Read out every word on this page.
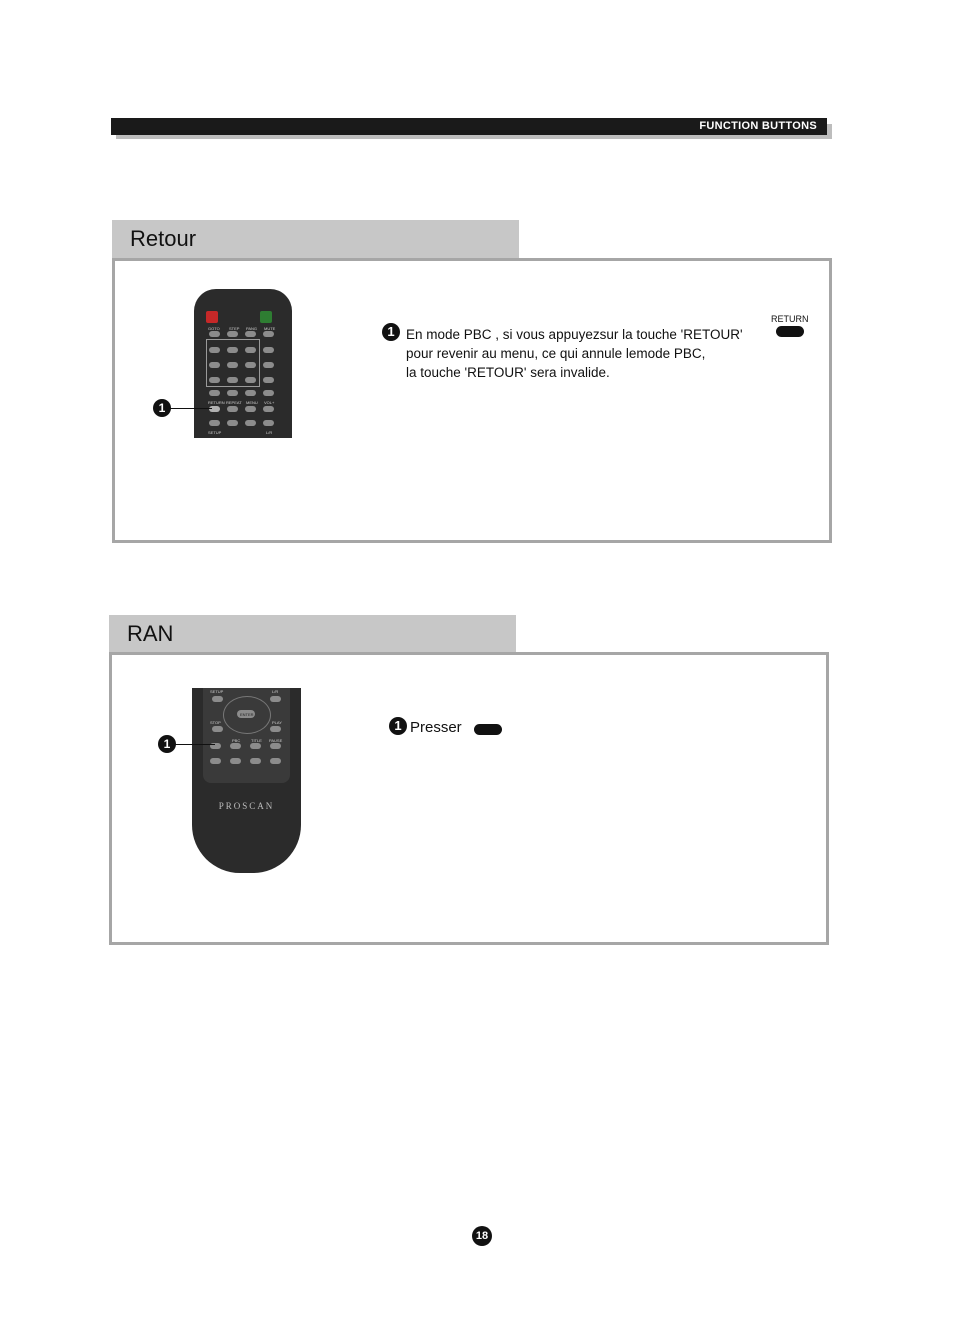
FUNCTION BUTTONS
Retour
GOTO STEP PANG MUTE
RETURN REPEAT MENU VOL+
SETUP	L/R
1
RETURN
1 En mode PBC , si vous appuyezsur la touche 'RETOUR'
pour revenir au menu, ce qui annule lemode PBC,
la touche 'RETOUR' sera invalide.
RAN
SETUP	L/R
ENTER
STOP	PLAY
PBC	TITLE PAUSE
PROSCAN
1
1 Presser
18
